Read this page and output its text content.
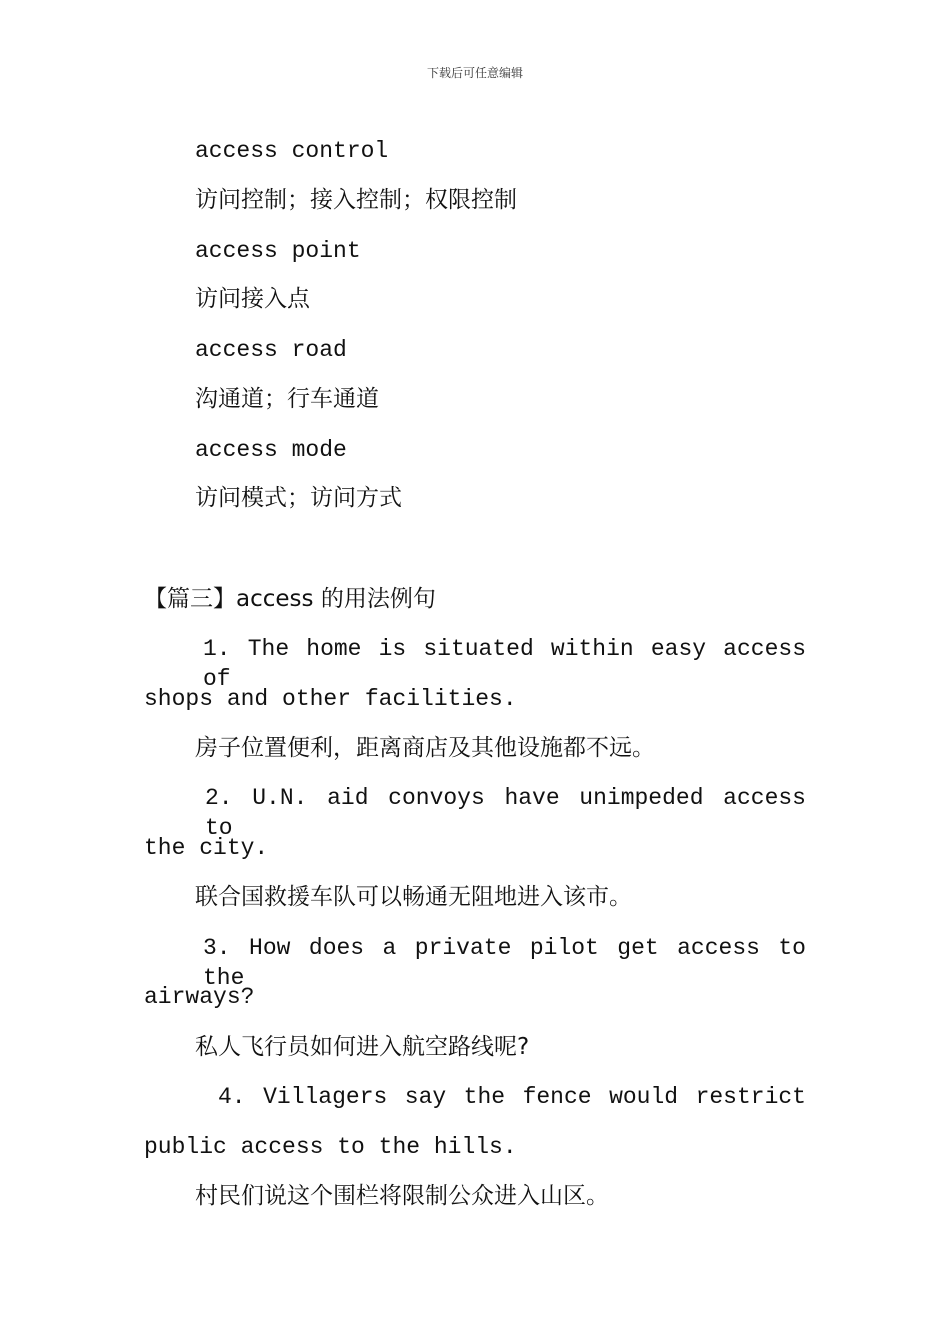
下载后可任意编辑
access control
访问控制；接入控制；权限控制
access point
访问接入点
access road
沟通道；行车通道
access mode
访问模式；访问方式
【篇三】access 的用法例句
1. The home is situated within easy access of
shops and other facilities.
房子位置便利，距离商店及其他设施都不远。
2. U.N. aid convoys have unimpeded access to
the city.
联合国救援车队可以畅通无阻地进入该市。
3. How does a private pilot get access to the
airways?
私人飞行员如何进入航空路线呢?
4. Villagers say the fence would restrict
public access to the hills.
村民们说这个围栏将限制公众进入山区。
